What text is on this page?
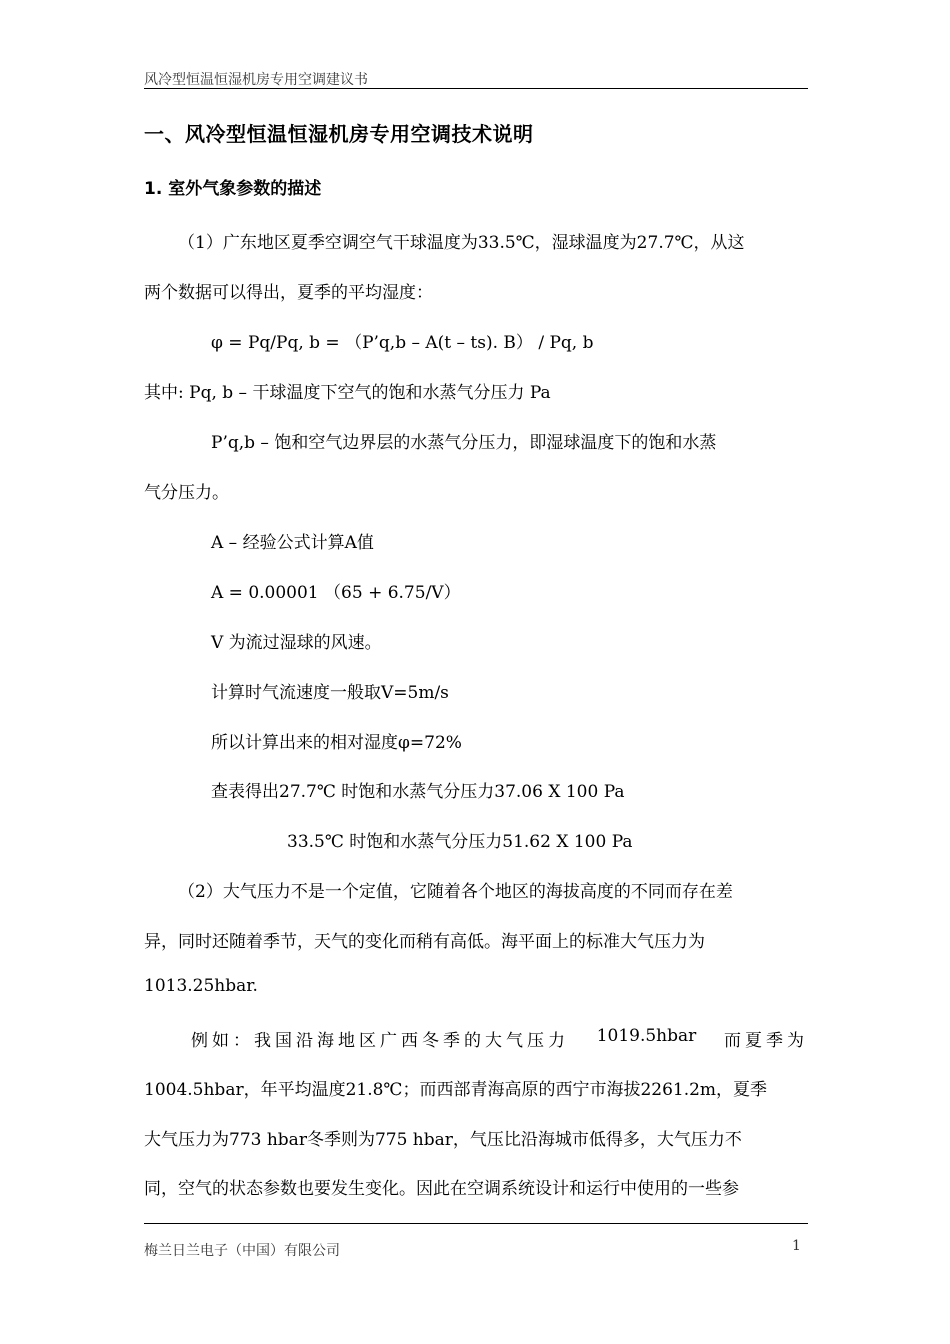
风冷型恒温恒湿机房专用空调建议书
一、风冷型恒温恒湿机房专用空调技术说明
1. 室外气象参数的描述
（1）广东地区夏季空调空气干球温度为33.5℃，湿球温度为27.7℃，从这
两个数据可以得出，夏季的平均湿度：
φ = Pq/Pq, b = （P’q,b – A(t – ts). B） / Pq, b
其中: Pq, b – 干球温度下空气的饱和水蒸气分压力 Pa
P’q,b – 饱和空气边界层的水蒸气分压力，即湿球温度下的饱和水蒸
气分压力。
A – 经验公式计算A值
A = 0.00001 （65 + 6.75/V）
V 为流过湿球的风速。
计算时气流速度一般取V=5m/s
所以计算出来的相对湿度φ=72%
查表得出27.7℃ 时饱和水蒸气分压力37.06 X 100 Pa
33.5℃ 时饱和水蒸气分压力51.62 X 100 Pa
（2）大气压力不是一个定值，它随着各个地区的海拔高度的不同而存在差
异，同时还随着季节，天气的变化而稍有高低。海平面上的标准大气压力为
1013.25hbar.
例如：我国沿海地区广西冬季的大气压力 1019.5hbar 而夏季为
1004.5hbar，年平均温度21.8℃；而西部青海高原的西宁市海拔2261.2m，夏季
大气压力为773 hbar冬季则为775 hbar，气压比沿海城市低得多，大气压力不
同，空气的状态参数也要发生变化。因此在空调系统设计和运行中使用的一些参
梅兰日兰电子（中国）有限公司	1
